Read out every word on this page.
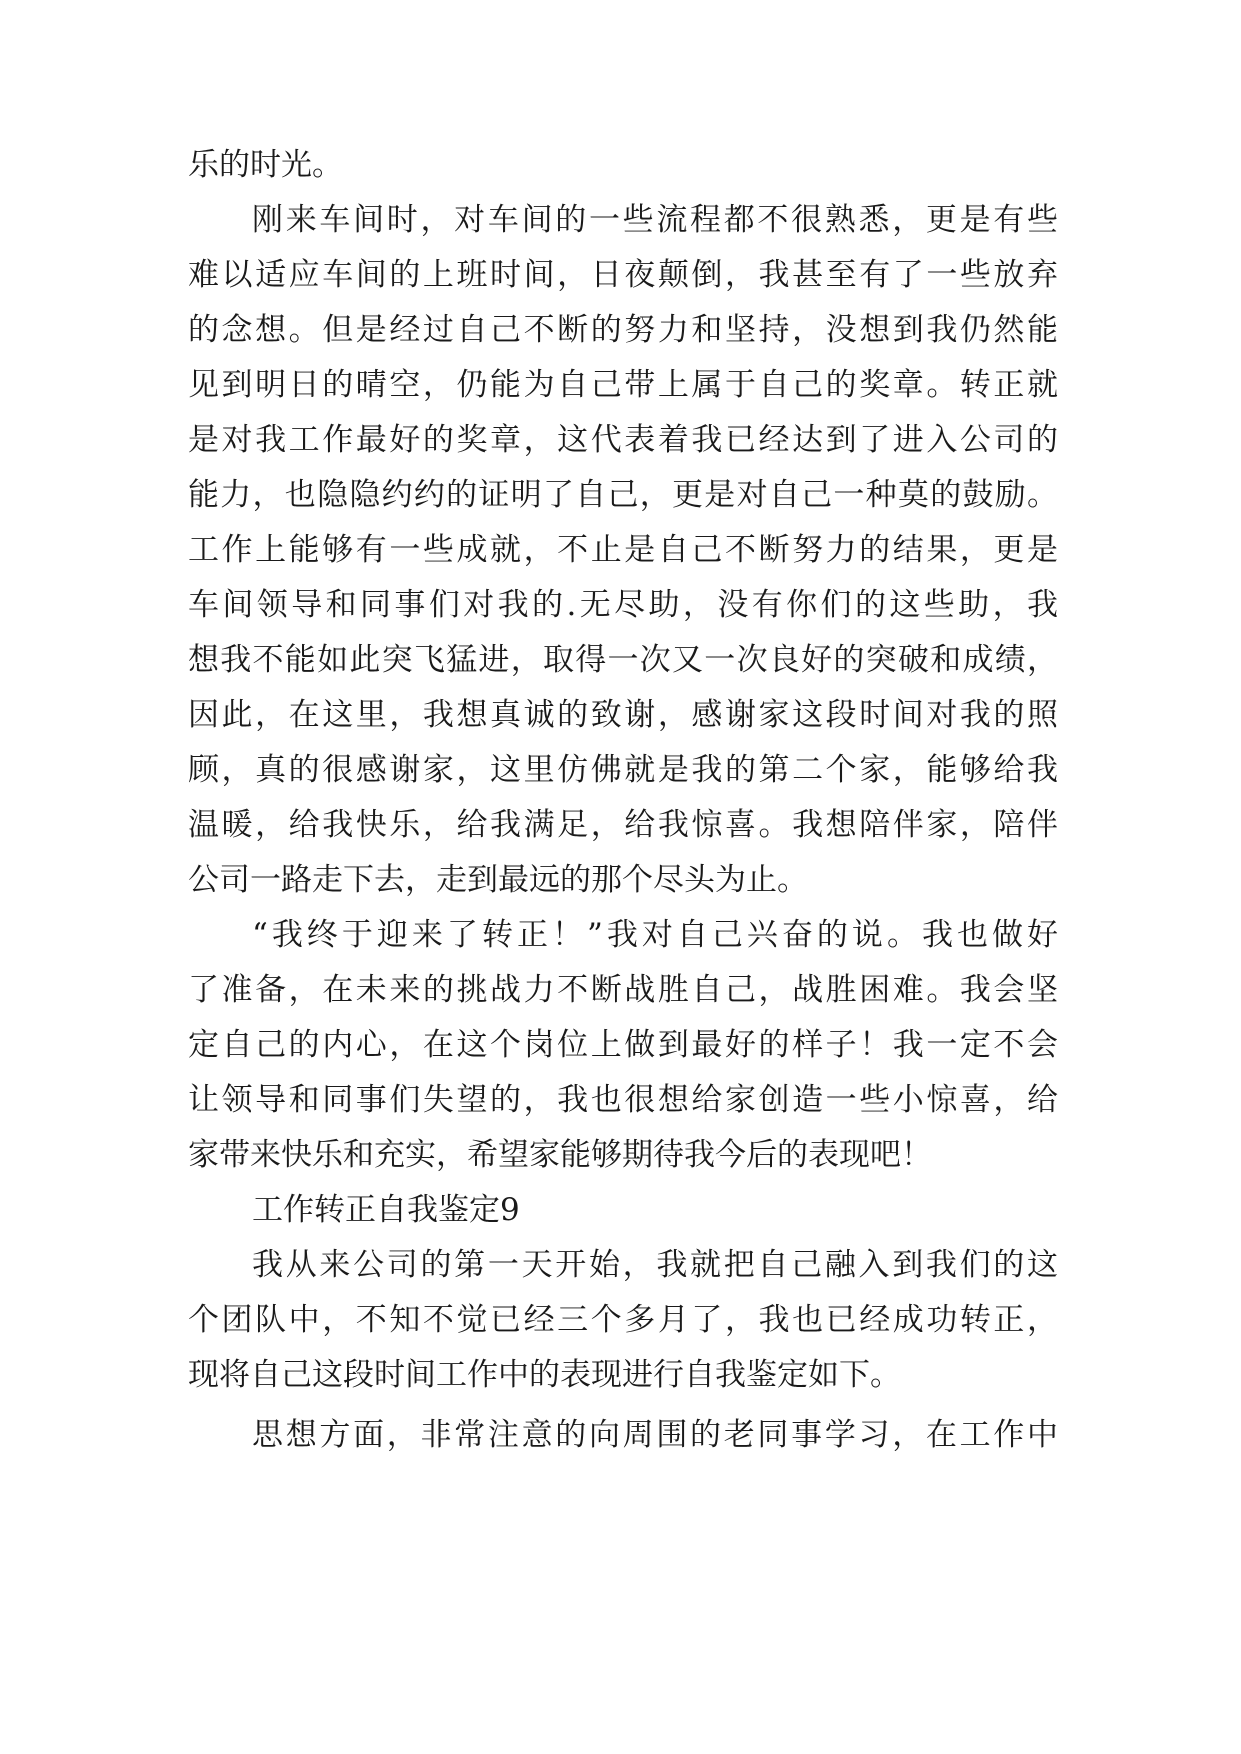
乐的时光。
刚来车间时，对车间的一些流程都不很熟悉，更是有些
难以适应车间的上班时间，日夜颠倒，我甚至有了一些放弃
的念想。但是经过自己不断的努力和坚持，没想到我仍然能
见到明日的晴空，仍能为自己带上属于自己的奖章。转正就
是对我工作最好的奖章，这代表着我已经达到了进入公司的
能力，也隐隐约约的证明了自己，更是对自己一种莫的鼓励。
工作上能够有一些成就，不止是自己不断努力的结果，更是
车间领导和同事们对我的.无尽助，没有你们的这些助，我
想我不能如此突飞猛进，取得一次又一次良好的突破和成绩，
因此，在这里，我想真诚的致谢，感谢家这段时间对我的照
顾，真的很感谢家，这里仿佛就是我的第二个家，能够给我
温暖，给我快乐，给我满足，给我惊喜。我想陪伴家，陪伴
公司一路走下去，走到最远的那个尽头为止。
“我终于迎来了转正！”我对自己兴奋的说。我也做好
了准备，在未来的挑战力不断战胜自己，战胜困难。我会坚
定自己的内心，在这个岗位上做到最好的样子！我一定不会
让领导和同事们失望的，我也很想给家创造一些小惊喜，给
家带来快乐和充实，希望家能够期待我今后的表现吧！
工作转正自我鉴定9
我从来公司的第一天开始，我就把自己融入到我们的这
个团队中，不知不觉已经三个多月了，我也已经成功转正，
现将自己这段时间工作中的表现进行自我鉴定如下。
思想方面，非常注意的向周围的老同事学习，在工作中
